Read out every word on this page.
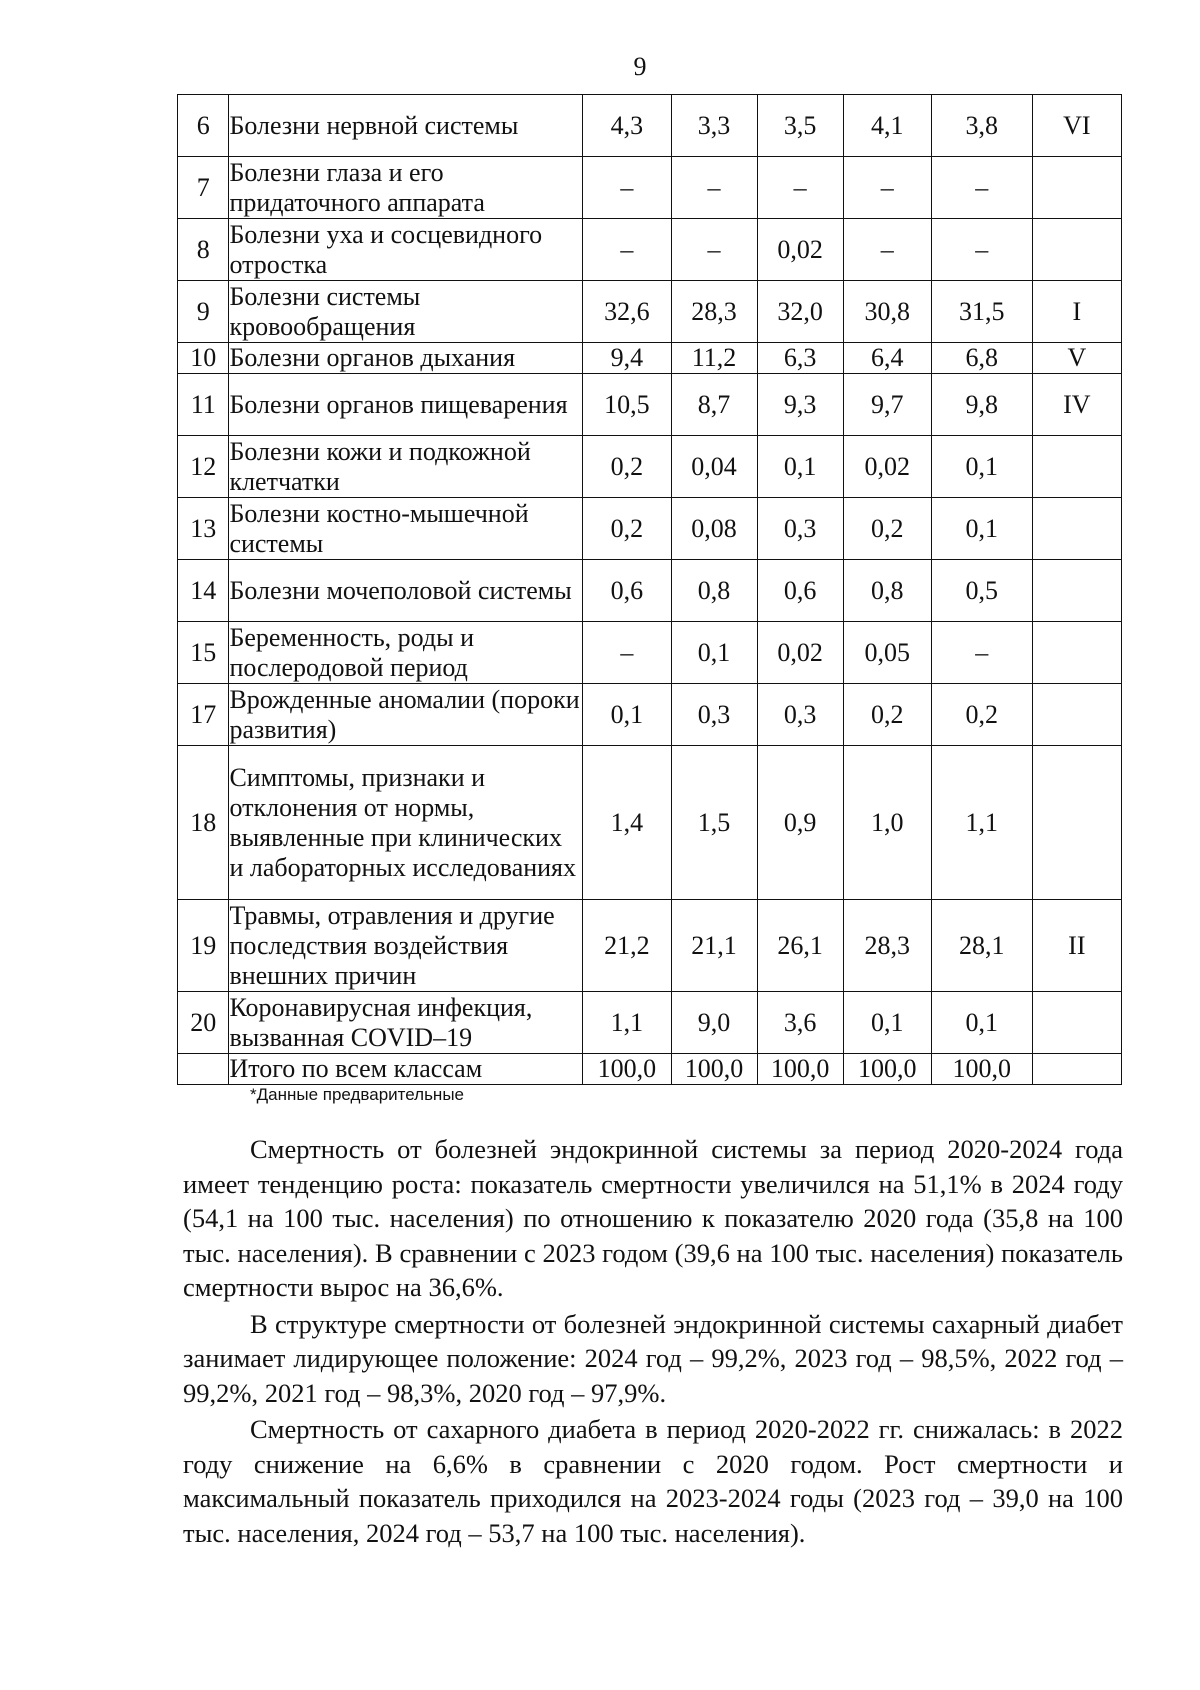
9
6	Болезни нервной системы	4,3	3,3	3,5	4,1	3,8	VI
7	Болезни глаза и его придаточного аппарата	–	–	–	–	–	
8	Болезни уха и сосцевидного отростка	–	–	0,02	–	–	
9	Болезни системы кровообращения	32,6	28,3	32,0	30,8	31,5	I
10	Болезни органов дыхания	9,4	11,2	6,3	6,4	6,8	V
11	Болезни органов пищеварения	10,5	8,7	9,3	9,7	9,8	IV
12	Болезни кожи и подкожной клетчатки	0,2	0,04	0,1	0,02	0,1	
13	Болезни костно-мышечной системы	0,2	0,08	0,3	0,2	0,1	
14	Болезни мочеполовой системы	0,6	0,8	0,6	0,8	0,5	
15	Беременность, роды и послеродовой период	–	0,1	0,02	0,05	–	
17	Врожденные аномалии (пороки развития)	0,1	0,3	0,3	0,2	0,2	
18	Симптомы, признаки и отклонения от нормы, выявленные при клинических и лабораторных исследованиях	1,4	1,5	0,9	1,0	1,1	
19	Травмы, отравления и другие последствия воздействия внешних причин	21,2	21,1	26,1	28,3	28,1	II
20	Коронавирусная инфекция, вызванная COVID–19	1,1	9,0	3,6	0,1	0,1	
	Итого по всем классам	100,0	100,0	100,0	100,0	100,0	
*Данные предварительные

Смертность от болезней эндокринной системы за период 2020-2024 года имеет тенденцию роста: показатель смертности увеличился на 51,1% в 2024 году (54,1 на 100 тыс. населения) по отношению к показателю 2020 года (35,8 на 100 тыс. населения). В сравнении с 2023 годом (39,6 на 100 тыс. населения) показатель смертности вырос на 36,6%.

В структуре смертности от болезней эндокринной системы сахарный диабет занимает лидирующее положение: 2024 год – 99,2%, 2023 год – 98,5%, 2022 год – 99,2%, 2021 год – 98,3%, 2020 год – 97,9%.

Смертность от сахарного диабета в период 2020-2022 гг. снижалась: в 2022 году снижение на 6,6% в сравнении с 2020 годом. Рост смертности и максимальный показатель приходился на 2023-2024 годы (2023 год – 39,0 на 100 тыс. населения, 2024 год – 53,7 на 100 тыс. населения).
